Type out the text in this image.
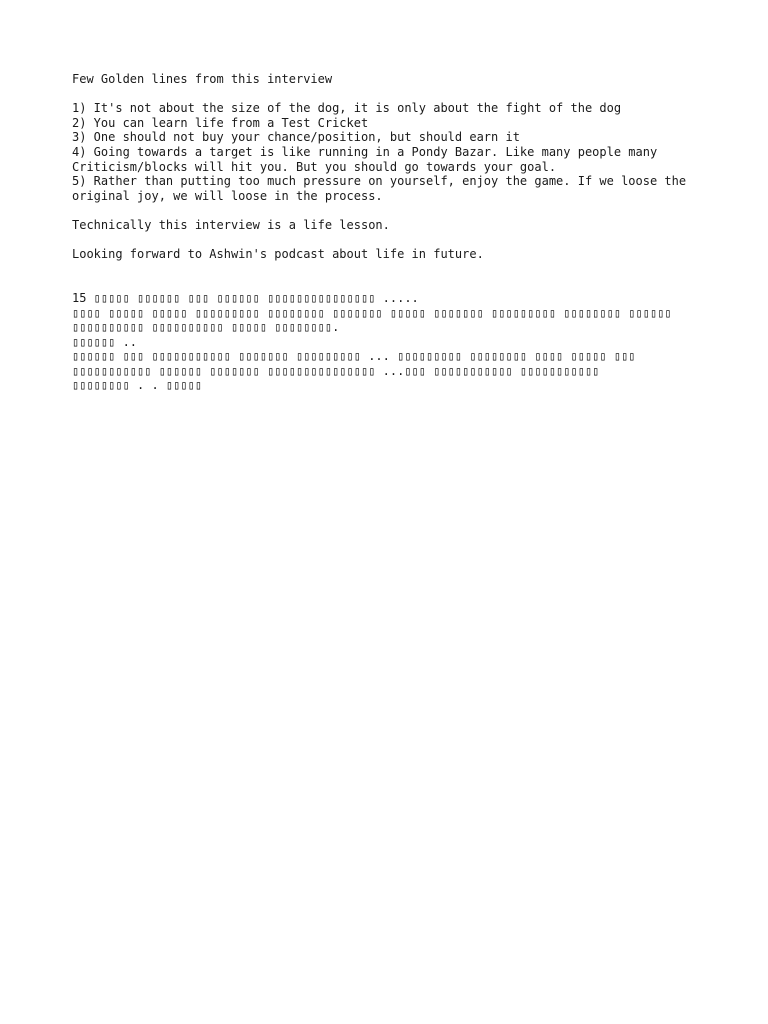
Few Golden lines from this interview

1) It's not about the size of the dog, it is only about the fight of the dog

2) You can learn life from a Test Cricket

3) One should not buy your chance/position, but should earn it

4) Going towards a target is like running in a Pondy Bazar. Like many people many Criticism/blocks will hit you. But you should go towards your goal.

5) Rather than putting too much pressure on yourself, enjoy the game. If we loose the original joy, we will loose in the process.

Technically this interview is a life lesson.

Looking forward to Ashwin's podcast about life in future.

15 ▯▯▯▯▯ ▯▯▯▯▯▯ ▯▯▯ ▯▯▯▯▯▯ ▯▯▯▯▯▯▯▯▯▯▯▯▯▯▯ .....

▯▯▯▯ ▯▯▯▯▯ ▯▯▯▯▯ ▯▯▯▯▯▯▯▯▯ ▯▯▯▯▯▯▯▯ ▯▯▯▯▯▯▯ ▯▯▯▯▯ ▯▯▯▯▯▯▯ ▯▯▯▯▯▯▯▯▯ ▯▯▯▯▯▯▯▯ ▯▯▯▯▯▯ ▯▯▯▯▯▯▯▯▯▯ ▯▯▯▯▯▯▯▯▯▯ ▯▯▯▯▯ ▯▯▯▯▯▯▯▯.

▯▯▯▯▯▯ ..

▯▯▯▯▯▯ ▯▯▯ ▯▯▯▯▯▯▯▯▯▯▯ ▯▯▯▯▯▯▯ ▯▯▯▯▯▯▯▯▯ ... ▯▯▯▯▯▯▯▯▯ ▯▯▯▯▯▯▯▯ ▯▯▯▯ ▯▯▯▯▯ ▯▯▯ ▯▯▯▯▯▯▯▯▯▯▯ ▯▯▯▯▯▯ ▯▯▯▯▯▯▯ ▯▯▯▯▯▯▯▯▯▯▯▯▯▯▯ ...▯▯▯ ▯▯▯▯▯▯▯▯▯▯▯ ▯▯▯▯▯▯▯▯▯▯▯

▯▯▯▯▯▯▯▯ . . ▯▯▯▯▯
